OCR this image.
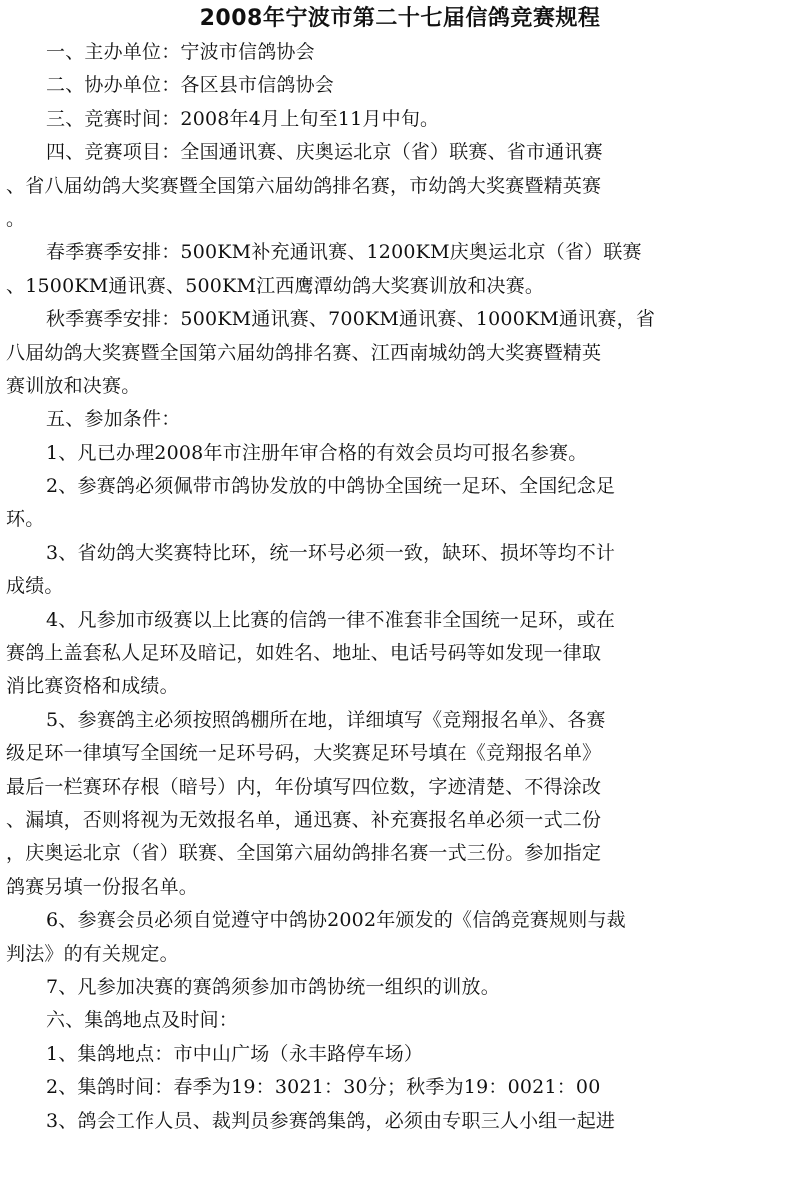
2008年宁波市第二十七届信鸽竞赛规程
一、主办单位：宁波市信鸽协会
二、协办单位：各区县市信鸽协会
三、竞赛时间：2008年4月上旬至11月中旬。
四、竞赛项目：全国通讯赛、庆奥运北京（省）联赛、省市通讯赛
、省八届幼鸽大奖赛暨全国第六届幼鸽排名赛，市幼鸽大奖赛暨精英赛
。
春季赛季安排：500KM补充通讯赛、1200KM庆奥运北京（省）联赛
、1500KM通讯赛、500KM江西鹰潭幼鸽大奖赛训放和决赛。
秋季赛季安排：500KM通讯赛、700KM通讯赛、1000KM通讯赛，省
八届幼鸽大奖赛暨全国第六届幼鸽排名赛、江西南城幼鸽大奖赛暨精英
赛训放和决赛。
五、参加条件：
1、凡已办理2008年市注册年审合格的有效会员均可报名参赛。
2、参赛鸽必须佩带市鸽协发放的中鸽协全国统一足环、全国纪念足
环。
3、省幼鸽大奖赛特比环，统一环号必须一致，缺环、损坏等均不计
成绩。
4、凡参加市级赛以上比赛的信鸽一律不准套非全国统一足环，或在
赛鸽上盖套私人足环及暗记，如姓名、地址、电话号码等如发现一律取
消比赛资格和成绩。
5、参赛鸽主必须按照鸽棚所在地，详细填写《竞翔报名单》、各赛
级足环一律填写全国统一足环号码，大奖赛足环号填在《竞翔报名单》
最后一栏赛环存根（暗号）内，年份填写四位数，字迹清楚、不得涂改
、漏填，否则将视为无效报名单，通迅赛、补充赛报名单必须一式二份
，庆奥运北京（省）联赛、全国第六届幼鸽排名赛一式三份。参加指定
鸽赛另填一份报名单。
6、参赛会员必须自觉遵守中鸽协2002年颁发的《信鸽竞赛规则与裁
判法》的有关规定。
7、凡参加决赛的赛鸽须参加市鸽协统一组织的训放。
六、集鸽地点及时间：
1、集鸽地点：市中山广场（永丰路停车场）
2、集鸽时间：春季为19：3021：30分；秋季为19：0021：00
3、鸽会工作人员、裁判员参赛鸽集鸽，必须由专职三人小组一起进
